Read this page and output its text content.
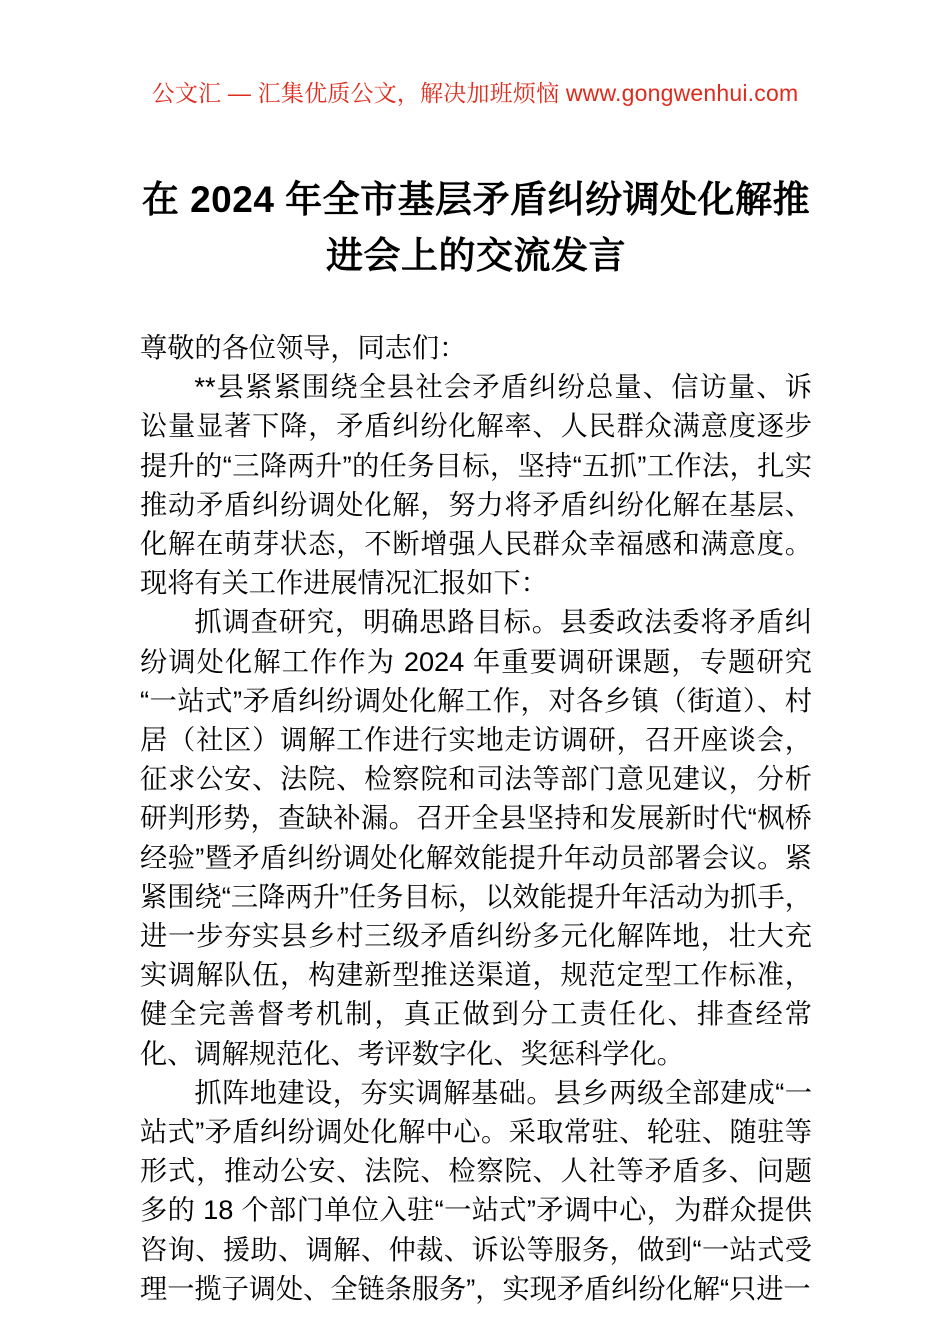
公文汇 — 汇集优质公文，解决加班烦恼 www.gongwenhui.com
在 2024 年全市基层矛盾纠纷调处化解推进会上的交流发言

尊敬的各位领导，同志们：

**县紧紧围绕全县社会矛盾纠纷总量、信访量、诉讼量显著下降，矛盾纠纷化解率、人民群众满意度逐步提升的“三降两升”的任务目标，坚持“五抓”工作法，扎实推动矛盾纠纷调处化解，努力将矛盾纠纷化解在基层、化解在萌芽状态，不断增强人民群众幸福感和满意度。现将有关工作进展情况汇报如下：

抓调查研究，明确思路目标。县委政法委将矛盾纠纷调处化解工作作为 2024 年重要调研课题，专题研究“一站式”矛盾纠纷调处化解工作，对各乡镇（街道）、村居（社区）调解工作进行实地走访调研，召开座谈会，征求公安、法院、检察院和司法等部门意见建议，分析研判形势，查缺补漏。召开全县坚持和发展新时代“枫桥经验”暨矛盾纠纷调处化解效能提升年动员部署会议。紧紧围绕“三降两升”任务目标，以效能提升年活动为抓手，进一步夯实县乡村三级矛盾纠纷多元化解阵地，壮大充实调解队伍，构建新型推送渠道，规范定型工作标准，健全完善督考机制，真正做到分工责任化、排查经常化、调解规范化、考评数字化、奖惩科学化。

抓阵地建设，夯实调解基础。县乡两级全部建成“一站式”矛盾纠纷调处化解中心。采取常驻、轮驻、随驻等形式，推动公安、法院、检察院、人社等矛盾多、问题多的 18 个部门单位入驻“一站式”矛调中心，为群众提供咨询、援助、调解、仲裁、诉讼等服务，做到“一站式受理一揽子调处、全链条服务”，实现矛盾纠纷化解“只进一
